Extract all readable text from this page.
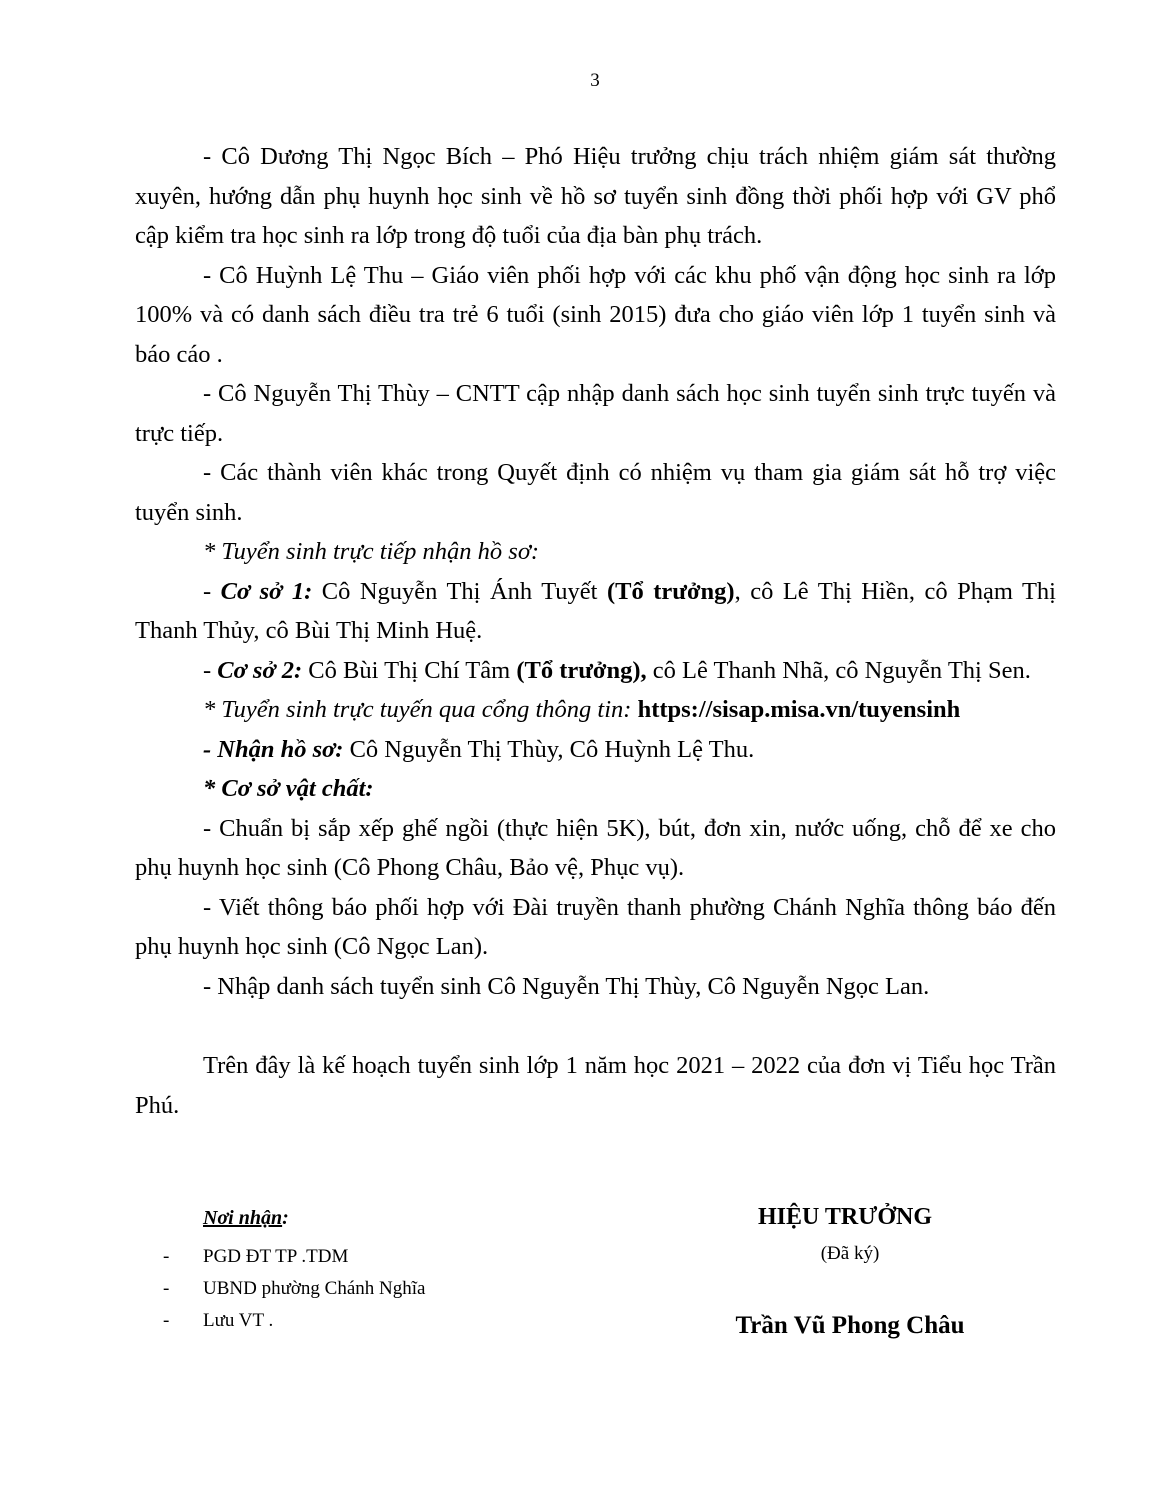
3

- Cô Dương Thị Ngọc Bích – Phó Hiệu trưởng chịu trách nhiệm giám sát thường xuyên, hướng dẫn phụ huynh học sinh về hồ sơ tuyển sinh đồng thời phối hợp với GV phổ cập kiểm tra học sinh ra lớp trong độ tuổi của địa bàn phụ trách.

- Cô Huỳnh Lệ Thu – Giáo viên phối hợp với các khu phố vận động học sinh ra lớp 100% và có danh sách điều tra trẻ 6 tuổi (sinh 2015) đưa cho giáo viên lớp 1 tuyển sinh và báo cáo .

- Cô Nguyễn Thị Thùy – CNTT cập nhập danh sách học sinh tuyển sinh trực tuyến và trực tiếp.

- Các thành viên khác trong Quyết định có nhiệm vụ tham gia giám sát hỗ trợ việc tuyển sinh.

* Tuyển sinh trực tiếp nhận hồ sơ:

- Cơ sở 1: Cô Nguyễn Thị Ánh Tuyết (Tổ trưởng), cô Lê Thị Hiền, cô Phạm Thị Thanh Thủy, cô Bùi Thị Minh Huệ.

- Cơ sở 2: Cô Bùi Thị Chí Tâm (Tổ trưởng), cô Lê Thanh Nhã, cô Nguyễn Thị Sen.

* Tuyển sinh trực tuyến qua cổng thông tin: https://sisap.misa.vn/tuyensinh

- Nhận hồ sơ: Cô Nguyễn Thị Thùy, Cô Huỳnh Lệ Thu.

* Cơ sở vật chất:

- Chuẩn bị sắp xếp ghế ngồi (thực hiện 5K), bút, đơn xin, nước uống, chỗ để xe cho phụ huynh học sinh (Cô Phong Châu, Bảo vệ, Phục vụ).

- Viết thông báo phối hợp với Đài truyền thanh phường Chánh Nghĩa thông báo đến phụ huynh học sinh (Cô Ngọc Lan).

- Nhập danh sách tuyển sinh Cô Nguyễn Thị Thùy, Cô Nguyễn Ngọc Lan.

Trên đây là kế hoạch tuyển sinh lớp 1 năm học 2021 – 2022 của đơn vị Tiểu học Trần Phú.

Nơi nhận:
-	PGD ĐT TP .TDM
-	UBND phường Chánh Nghĩa
-	Lưu VT .
HIỆU TRƯỞNG
(Đã ký)
Trần Vũ Phong Châu
